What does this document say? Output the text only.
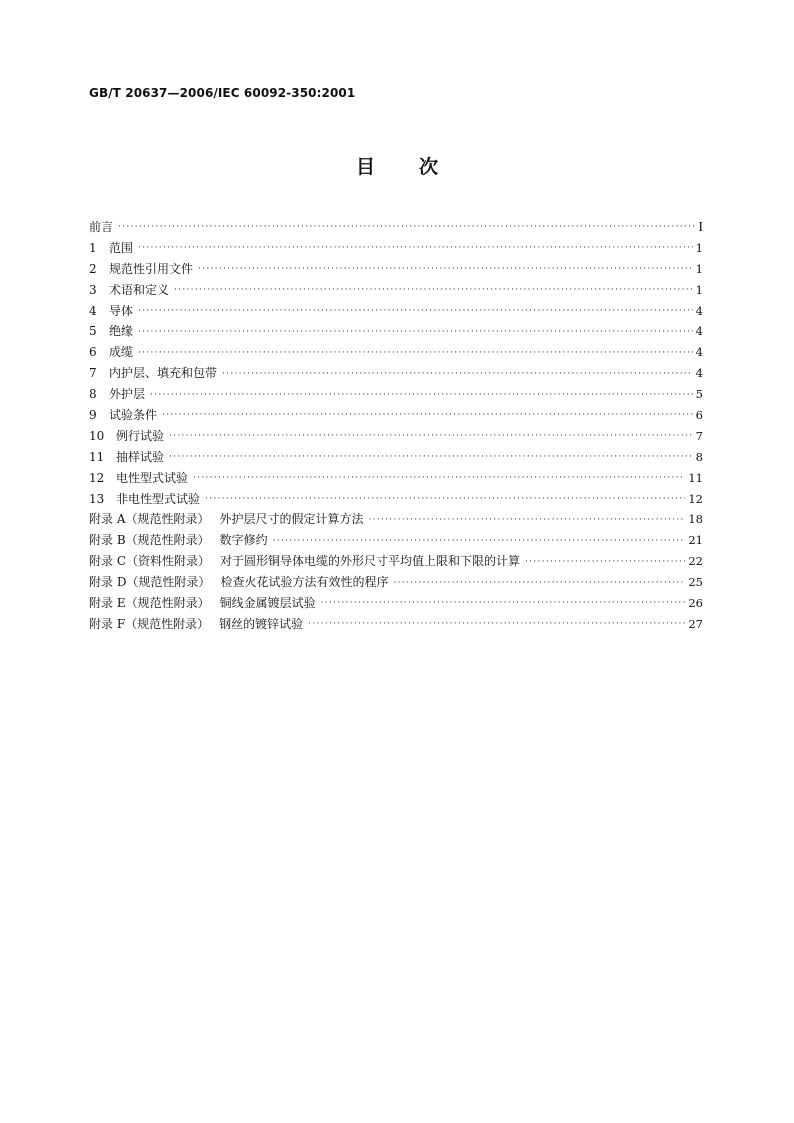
GB/T 20637—2006/IEC 60092-350:2001
目 次
前言 ·····	I
1	范围 ·····	1
2	规范性引用文件 ·····	1
3	术语和定义 ·····	1
4	导体 ·····	4
5	绝缘 ·····	4
6	成缆 ·····	4
7	内护层、填充和包带 ·····	4
8	外护层 ·····	5
9	试验条件 ·····	6
10 例行试验 ·····	7
11 抽样试验 ·····	8
12 电性型式试验 ·····	11
13 非电性型式试验 ·····	12
附录 A（规范性附录） 外护层尺寸的假定计算方法 ·····	18
附录 B（规范性附录） 数字修约 ·····	21
附录 C（资料性附录） 对于圆形铜导体电缆的外形尺寸平均值上限和下限的计算 ·····	22
附录 D（规范性附录） 检查火花试验方法有效性的程序 ·····	25
附录 E（规范性附录） 铜线金属镀层试验 ·····	26
附录 F（规范性附录） 钢丝的镀锌试验 ·····	27
